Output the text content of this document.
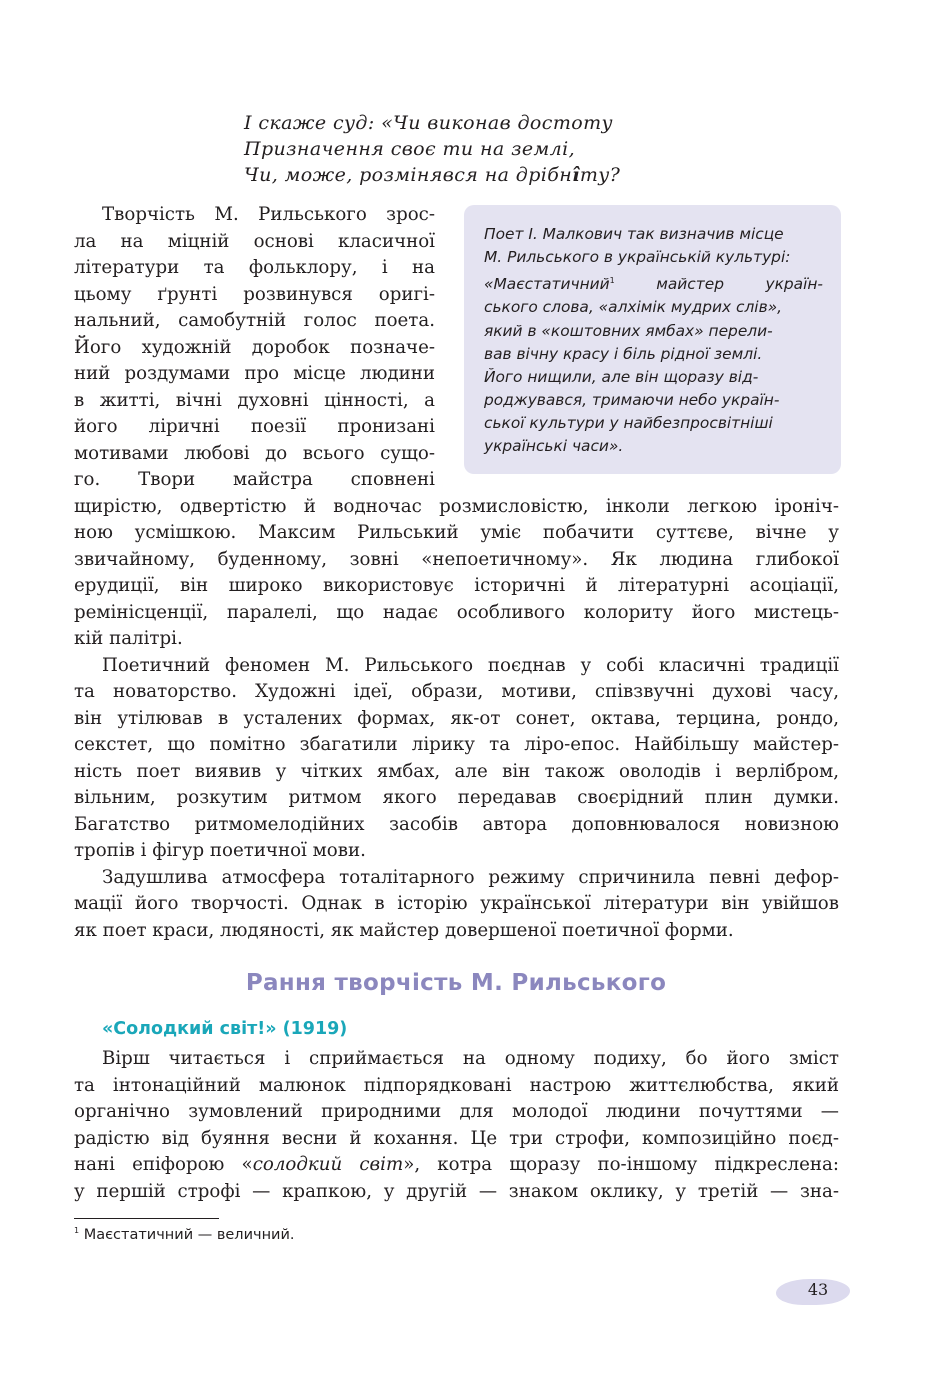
І скаже суд: «Чи виконав достоту
Призначення своє ти на землі,
Чи, може, розмінявся на дрібнîту?
Поет І. Малкович так визначив місце
М. Рильського в українській культурі:
«Маєстатичний$^1$	майстер україн-
ського слова, «алхімік мудрих слів»,
який в «коштовних ямбах» перели-
вав вічну красу і біль рідної землі.
Його нищили, але він щоразу від-
роджувався, тримаючи небо україн-
ської культури у найбезпросвітніші
українські часи».
Творчість М. Рильського зрос-
ла на міцній основі класичної
літератури та фольклору, і на
цьому ґрунті розвинувся оригі-
нальний, самобутній голос поета.
Його художній доробок позначе-
ний роздумами про місце людини
в житті, вічні духовні цінності, а
його ліричні поезії пронизані
мотивами любові до всього сущо-
го. Твори майстра сповнені
щирістю, одвертістю й водночас розмисловістю, інколи легкою іроніч-
ною усмішкою. Максим Рильський уміє побачити суттєве, вічне у
звичайному, буденному, зовні «непоетичному». Як людина глибокої
ерудиції, він широко використовує історичні й літературні асоціації,
ремінісценції, паралелі, що надає особливого колориту його мистець-
кій палітрі.
Поетичний феномен М. Рильського поєднав у собі класичні традиції
та новаторство. Художні ідеї, образи, мотиви, співзвучні духові часу,
він утілював в усталених формах, як-от сонет, октава, терцина, рондо,
секстет, що помітно збагатили лірику та ліро-епос. Найбільшу майстер-
ність поет виявив у чітких ямбах, але він також оволодів і верлібром,
вільним, розкутим ритмом якого передавав своєрідний плин думки.
Багатство ритмомелодійних засобів автора доповнювалося новизною
тропів і фігур поетичної мови.
Задушлива атмосфера тоталітарного режиму спричинила певні дефор-
мації його творчості. Однак в історію української літератури він увійшов
як поет краси, людяності, як майстер довершеної поетичної форми.
Рання творчість М. Рильського
«Солодкий світ!» (1919)
Вірш читається і сприймається на одному подиху, бо його зміст
та інтонаційний малюнок підпорядковані настрою життєлюбства, який
органічно зумовлений природними для молодої людини почуттями —
радістю від буяння весни й кохання. Це три строфи, композиційно поєд-
нані епіфорою «солодкий світ», котра щоразу по-іншому підкреслена:
у першій строфі — крапкою, у другій — знаком оклику, у третій — зна-
$^1$ Маєстатичний — величний.
43
